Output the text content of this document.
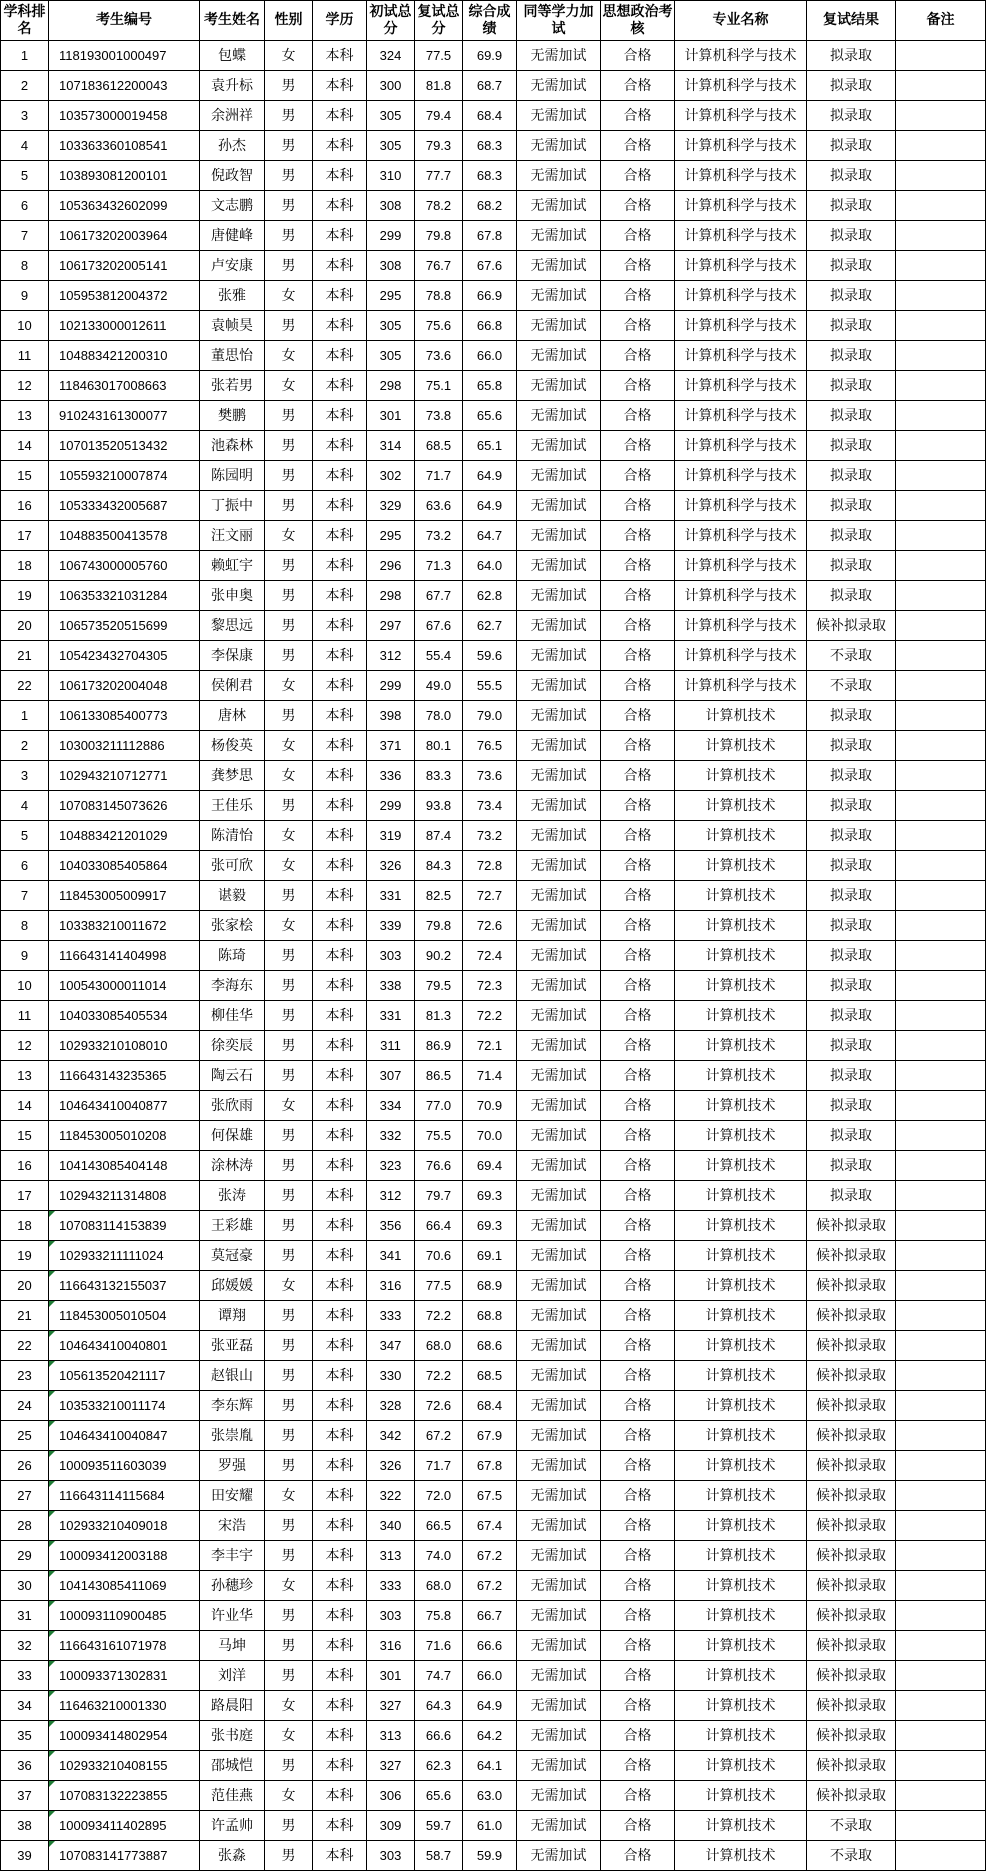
学科排名	考生编号	考生姓名	性别	学历	初试总分	复试总分	综合成绩	同等学力加试	思想政治考核	专业名称	复试结果	备注
1	118193001000497	包蝶	女	本科	324	77.5	69.9	无需加试	合格	计算机科学与技术	拟录取	
2	107183612200043	袁升标	男	本科	300	81.8	68.7	无需加试	合格	计算机科学与技术	拟录取	
3	103573000019458	余洲祥	男	本科	305	79.4	68.4	无需加试	合格	计算机科学与技术	拟录取	
4	103363360108541	孙杰	男	本科	305	79.3	68.3	无需加试	合格	计算机科学与技术	拟录取	
5	103893081200101	倪政智	男	本科	310	77.7	68.3	无需加试	合格	计算机科学与技术	拟录取	
6	105363432602099	文志鹏	男	本科	308	78.2	68.2	无需加试	合格	计算机科学与技术	拟录取	
7	106173202003964	唐健峰	男	本科	299	79.8	67.8	无需加试	合格	计算机科学与技术	拟录取	
8	106173202005141	卢安康	男	本科	308	76.7	67.6	无需加试	合格	计算机科学与技术	拟录取	
9	105953812004372	张雅	女	本科	295	78.8	66.9	无需加试	合格	计算机科学与技术	拟录取	
10	102133000012611	袁帧昊	男	本科	305	75.6	66.8	无需加试	合格	计算机科学与技术	拟录取	
11	104883421200310	董思怡	女	本科	305	73.6	66.0	无需加试	合格	计算机科学与技术	拟录取	
12	118463017008663	张若男	女	本科	298	75.1	65.8	无需加试	合格	计算机科学与技术	拟录取	
13	910243161300077	樊鹏	男	本科	301	73.8	65.6	无需加试	合格	计算机科学与技术	拟录取	
14	107013520513432	池森林	男	本科	314	68.5	65.1	无需加试	合格	计算机科学与技术	拟录取	
15	105593210007874	陈园明	男	本科	302	71.7	64.9	无需加试	合格	计算机科学与技术	拟录取	
16	105333432005687	丁振中	男	本科	329	63.6	64.9	无需加试	合格	计算机科学与技术	拟录取	
17	104883500413578	汪文丽	女	本科	295	73.2	64.7	无需加试	合格	计算机科学与技术	拟录取	
18	106743000005760	赖虹宇	男	本科	296	71.3	64.0	无需加试	合格	计算机科学与技术	拟录取	
19	106353321031284	张申奥	男	本科	298	67.7	62.8	无需加试	合格	计算机科学与技术	拟录取	
20	106573520515699	黎思远	男	本科	297	67.6	62.7	无需加试	合格	计算机科学与技术	候补拟录取	
21	105423432704305	李保康	男	本科	312	55.4	59.6	无需加试	合格	计算机科学与技术	不录取	
22	106173202004048	侯俐君	女	本科	299	49.0	55.5	无需加试	合格	计算机科学与技术	不录取	
1	106133085400773	唐林	男	本科	398	78.0	79.0	无需加试	合格	计算机技术	拟录取	
2	103003211112886	杨俊英	女	本科	371	80.1	76.5	无需加试	合格	计算机技术	拟录取	
3	102943210712771	龚梦思	女	本科	336	83.3	73.6	无需加试	合格	计算机技术	拟录取	
4	107083145073626	王佳乐	男	本科	299	93.8	73.4	无需加试	合格	计算机技术	拟录取	
5	104883421201029	陈清怡	女	本科	319	87.4	73.2	无需加试	合格	计算机技术	拟录取	
6	104033085405864	张可欣	女	本科	326	84.3	72.8	无需加试	合格	计算机技术	拟录取	
7	118453005009917	谌毅	男	本科	331	82.5	72.7	无需加试	合格	计算机技术	拟录取	
8	103383210011672	张家桧	女	本科	339	79.8	72.6	无需加试	合格	计算机技术	拟录取	
9	116643141404998	陈琦	男	本科	303	90.2	72.4	无需加试	合格	计算机技术	拟录取	
10	100543000011014	李海东	男	本科	338	79.5	72.3	无需加试	合格	计算机技术	拟录取	
11	104033085405534	柳佳华	男	本科	331	81.3	72.2	无需加试	合格	计算机技术	拟录取	
12	102933210108010	徐奕辰	男	本科	311	86.9	72.1	无需加试	合格	计算机技术	拟录取	
13	116643143235365	陶云石	男	本科	307	86.5	71.4	无需加试	合格	计算机技术	拟录取	
14	104643410040877	张欣雨	女	本科	334	77.0	70.9	无需加试	合格	计算机技术	拟录取	
15	118453005010208	何保雄	男	本科	332	75.5	70.0	无需加试	合格	计算机技术	拟录取	
16	104143085404148	涂林涛	男	本科	323	76.6	69.4	无需加试	合格	计算机技术	拟录取	
17	102943211314808	张涛	男	本科	312	79.7	69.3	无需加试	合格	计算机技术	拟录取	
18	107083114153839	王彩雄	男	本科	356	66.4	69.3	无需加试	合格	计算机技术	候补拟录取	
19	102933211111024	莫冠豪	男	本科	341	70.6	69.1	无需加试	合格	计算机技术	候补拟录取	
20	116643132155037	邱媛媛	女	本科	316	77.5	68.9	无需加试	合格	计算机技术	候补拟录取	
21	118453005010504	谭翔	男	本科	333	72.2	68.8	无需加试	合格	计算机技术	候补拟录取	
22	104643410040801	张亚磊	男	本科	347	68.0	68.6	无需加试	合格	计算机技术	候补拟录取	
23	105613520421117	赵银山	男	本科	330	72.2	68.5	无需加试	合格	计算机技术	候补拟录取	
24	103533210011174	李东辉	男	本科	328	72.6	68.4	无需加试	合格	计算机技术	候补拟录取	
25	104643410040847	张崇胤	男	本科	342	67.2	67.9	无需加试	合格	计算机技术	候补拟录取	
26	100093511603039	罗强	男	本科	326	71.7	67.8	无需加试	合格	计算机技术	候补拟录取	
27	116643114115684	田安耀	女	本科	322	72.0	67.5	无需加试	合格	计算机技术	候补拟录取	
28	102933210409018	宋浩	男	本科	340	66.5	67.4	无需加试	合格	计算机技术	候补拟录取	
29	100093412003188	李丰宇	男	本科	313	74.0	67.2	无需加试	合格	计算机技术	候补拟录取	
30	104143085411069	孙穗珍	女	本科	333	68.0	67.2	无需加试	合格	计算机技术	候补拟录取	
31	100093110900485	许业华	男	本科	303	75.8	66.7	无需加试	合格	计算机技术	候补拟录取	
32	116643161071978	马坤	男	本科	316	71.6	66.6	无需加试	合格	计算机技术	候补拟录取	
33	100093371302831	刘洋	男	本科	301	74.7	66.0	无需加试	合格	计算机技术	候补拟录取	
34	116463210001330	路晨阳	女	本科	327	64.3	64.9	无需加试	合格	计算机技术	候补拟录取	
35	100093414802954	张书庭	女	本科	313	66.6	64.2	无需加试	合格	计算机技术	候补拟录取	
36	102933210408155	邵城恺	男	本科	327	62.3	64.1	无需加试	合格	计算机技术	候补拟录取	
37	107083132223855	范佳燕	女	本科	306	65.6	63.0	无需加试	合格	计算机技术	候补拟录取	
38	100093411402895	许孟帅	男	本科	309	59.7	61.0	无需加试	合格	计算机技术	不录取	
39	107083141773887	张淼	男	本科	303	58.7	59.9	无需加试	合格	计算机技术	不录取	
